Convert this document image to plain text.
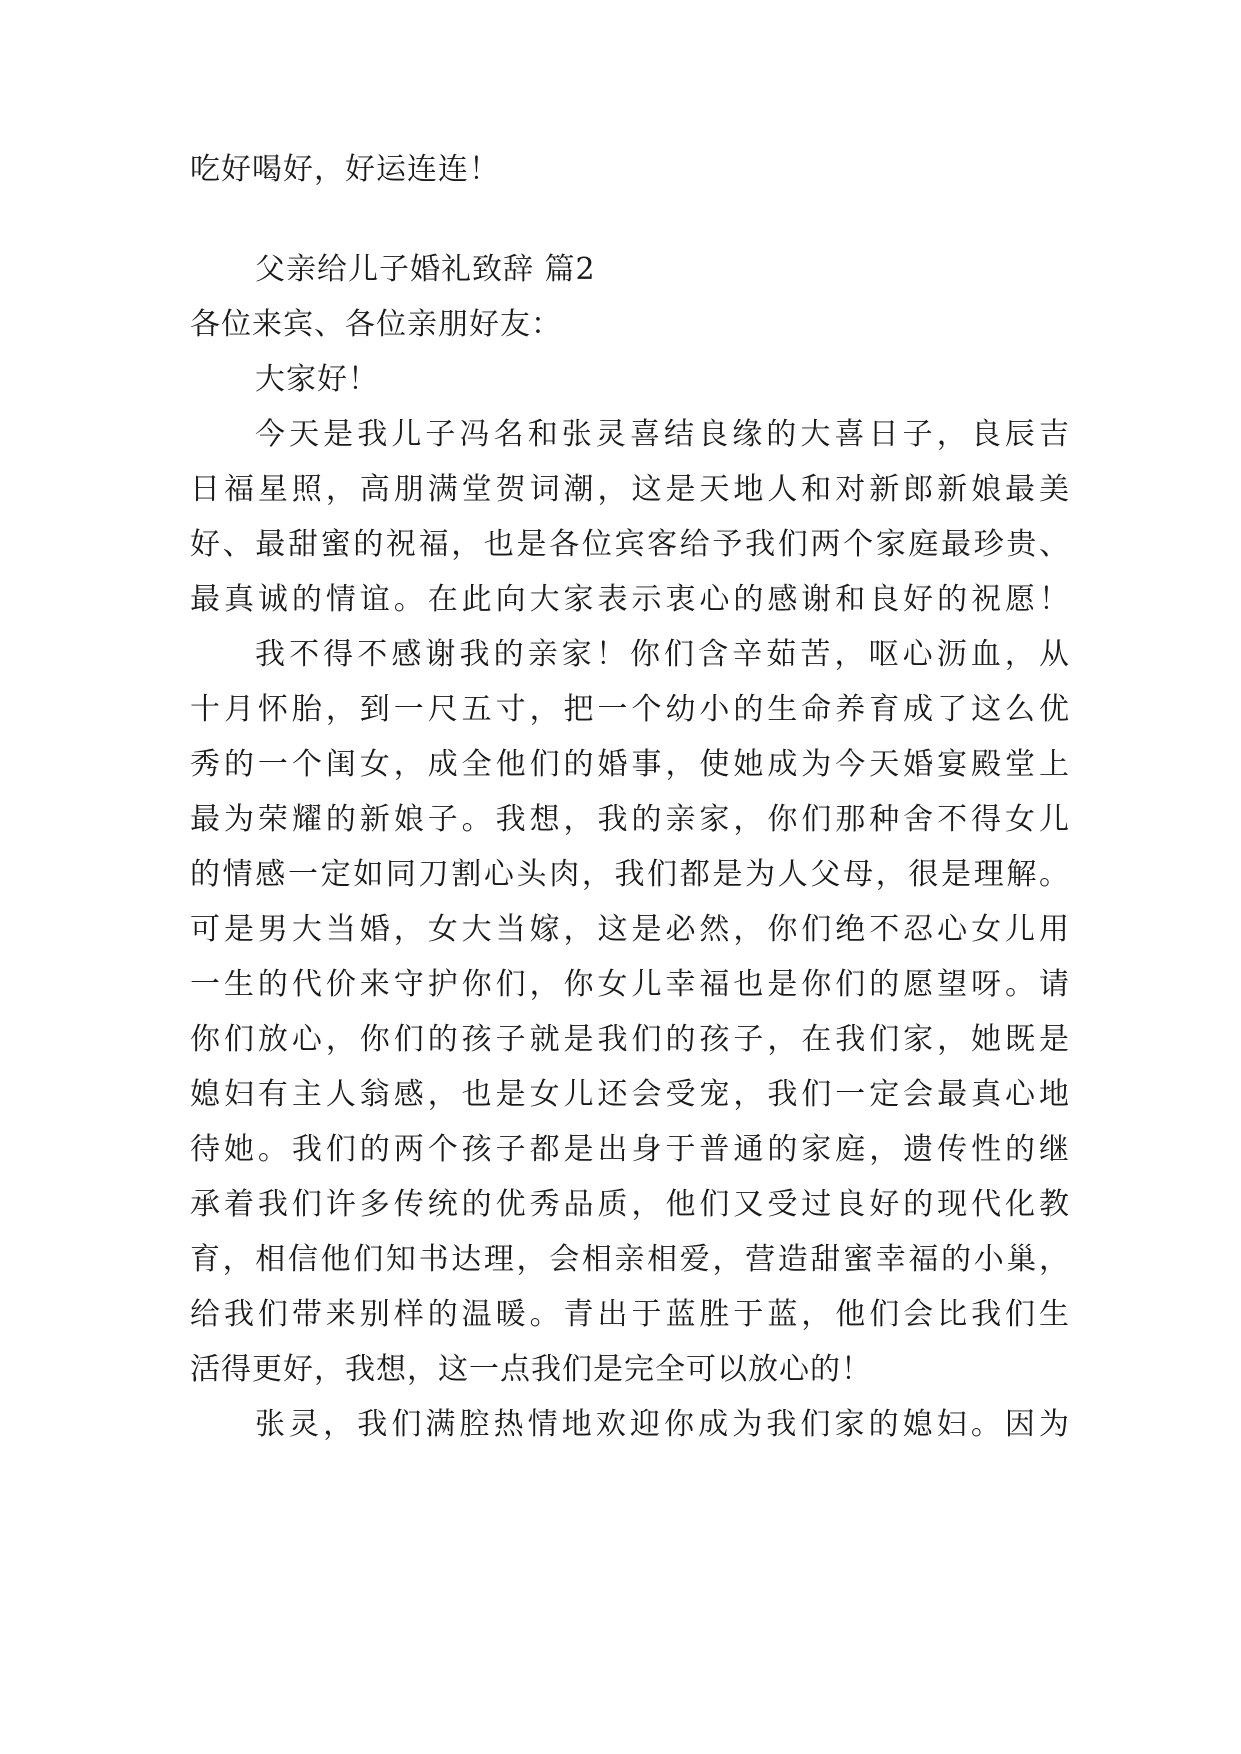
吃好喝好，好运连连！
父亲给儿子婚礼致辞 篇2
各位来宾、各位亲朋好友：
大家好！
今天是我儿子冯名和张灵喜结良缘的大喜日子，良辰吉
日福星照，高朋满堂贺词潮，这是天地人和对新郎新娘最美
好、最甜蜜的祝福，也是各位宾客给予我们两个家庭最珍贵、
最真诚的情谊。在此向大家表示衷心的感谢和良好的祝愿！
我不得不感谢我的亲家！你们含辛茹苦，呕心沥血，从
十月怀胎，到一尺五寸，把一个幼小的生命养育成了这么优
秀的一个闺女，成全他们的婚事，使她成为今天婚宴殿堂上
最为荣耀的新娘子。我想，我的亲家，你们那种舍不得女儿
的情感一定如同刀割心头肉，我们都是为人父母，很是理解。
可是男大当婚，女大当嫁，这是必然，你们绝不忍心女儿用
一生的代价来守护你们，你女儿幸福也是你们的愿望呀。请
你们放心，你们的孩子就是我们的孩子，在我们家，她既是
媳妇有主人翁感，也是女儿还会受宠，我们一定会最真心地
待她。我们的两个孩子都是出身于普通的家庭，遗传性的继
承着我们许多传统的优秀品质，他们又受过良好的现代化教
育，相信他们知书达理，会相亲相爱，营造甜蜜幸福的小巢，
给我们带来别样的温暖。青出于蓝胜于蓝，他们会比我们生
活得更好，我想，这一点我们是完全可以放心的！
张灵，我们满腔热情地欢迎你成为我们家的媳妇。因为
